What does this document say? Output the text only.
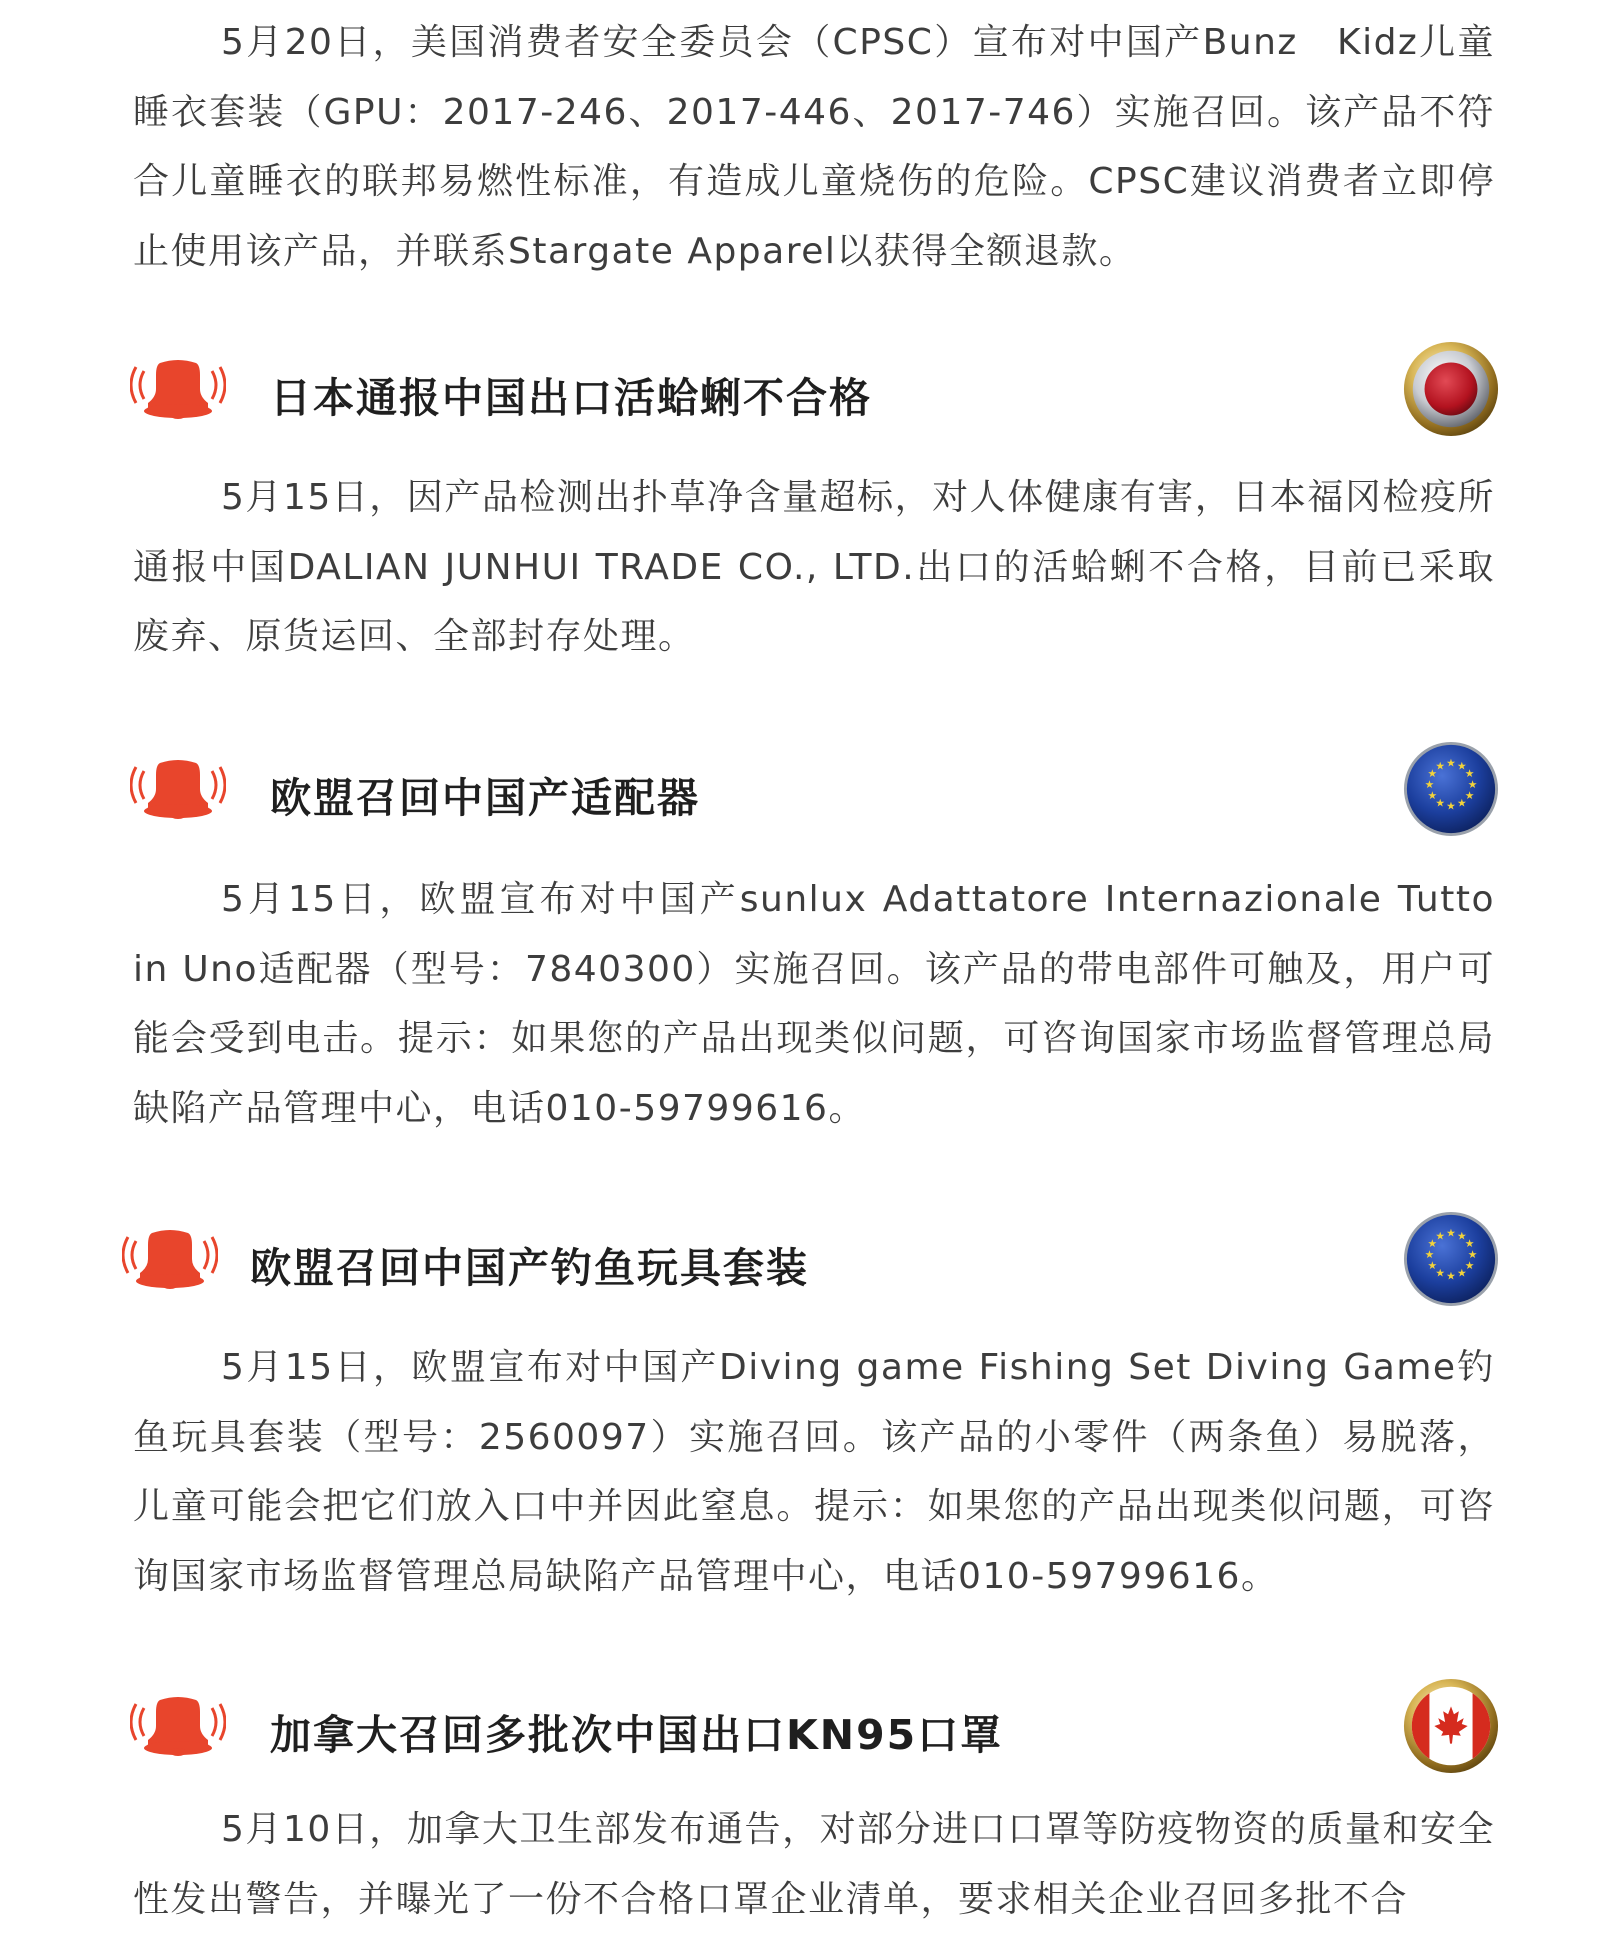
5月20日，美国消费者安全委员会（CPSC）宣布对中国产Bunz　Kidz儿童睡衣套装（GPU：2017-246、2017-446、2017-746）实施召回。该产品不符合儿童睡衣的联邦易燃性标准，有造成儿童烧伤的危险。CPSC建议消费者立即停止使用该产品，并联系Stargate Apparel以获得全额退款。

日本通报中国出口活蛤蜊不合格

5月15日，因产品检测出扑草净含量超标，对人体健康有害，日本福冈检疫所通报中国DALIAN JUNHUI TRADE CO., LTD.出口的活蛤蜊不合格，目前已采取废弃、原货运回、全部封存处理。

欧盟召回中国产适配器
★ ★
★
★
★
★
★
★
★
★
★
★

5月15日，欧盟宣布对中国产sunlux Adattatore Internazionale Tutto in Uno适配器（型号：7840300）实施召回。该产品的带电部件可触及，用户可能会受到电击。提示：如果您的产品出现类似问题，可咨询国家市场监督管理总局缺陷产品管理中心，电话010-59799616。

欧盟召回中国产钓鱼玩具套装
★ ★
★
★
★
★
★
★
★
★
★
★

5月15日，欧盟宣布对中国产Diving game Fishing Set Diving Game钓鱼玩具套装（型号：2560097）实施召回。该产品的小零件（两条鱼）易脱落，儿童可能会把它们放入口中并因此窒息。提示：如果您的产品出现类似问题，可咨询国家市场监督管理总局缺陷产品管理中心，电话010-59799616。

加拿大召回多批次中国出口KN95口罩

5月10日，加拿大卫生部发布通告，对部分进口口罩等防疫物资的质量和安全性发出警告，并曝光了一份不合格口罩企业清单，要求相关企业召回多批不合
